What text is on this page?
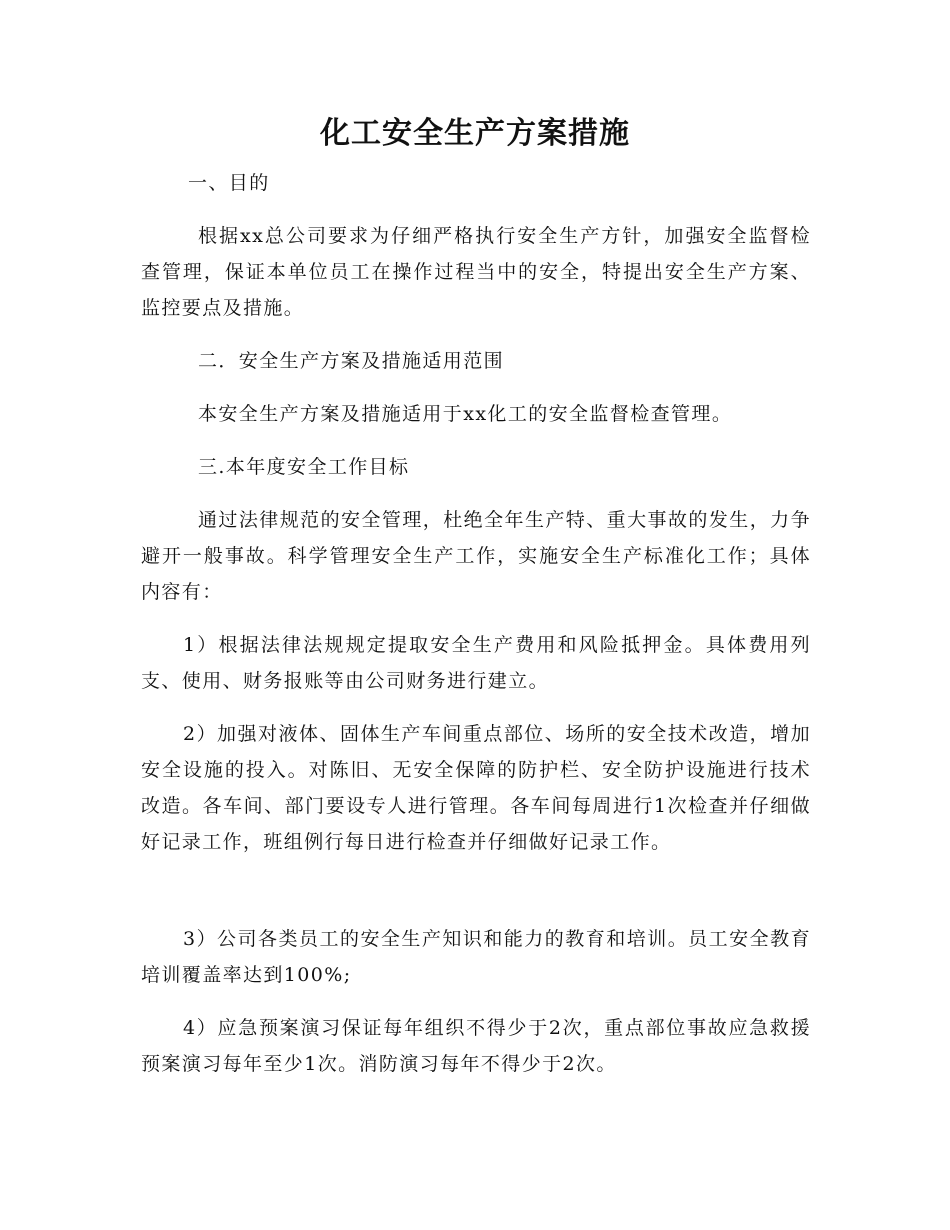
化工安全生产方案措施
一、目的
根据xx总公司要求为仔细严格执行安全生产方针，加强安全监督检查管理，保证本单位员工在操作过程当中的安全，特提出安全生产方案、监控要点及措施。
二．安全生产方案及措施适用范围
本安全生产方案及措施适用于xx化工的安全监督检查管理。
三.本年度安全工作目标
通过法律规范的安全管理，杜绝全年生产特、重大事故的发生，力争避开一般事故。科学管理安全生产工作，实施安全生产标准化工作；具体内容有：
1）根据法律法规规定提取安全生产费用和风险抵押金。具体费用列支、使用、财务报账等由公司财务进行建立。
2）加强对液体、固体生产车间重点部位、场所的安全技术改造，增加安全设施的投入。对陈旧、无安全保障的防护栏、安全防护设施进行技术改造。各车间、部门要设专人进行管理。各车间每周进行1次检查并仔细做好记录工作，班组例行每日进行检查并仔细做好记录工作。
3）公司各类员工的安全生产知识和能力的教育和培训。员工安全教育培训覆盖率达到100%;
4）应急预案演习保证每年组织不得少于2次，重点部位事故应急救援预案演习每年至少1次。消防演习每年不得少于2次。
